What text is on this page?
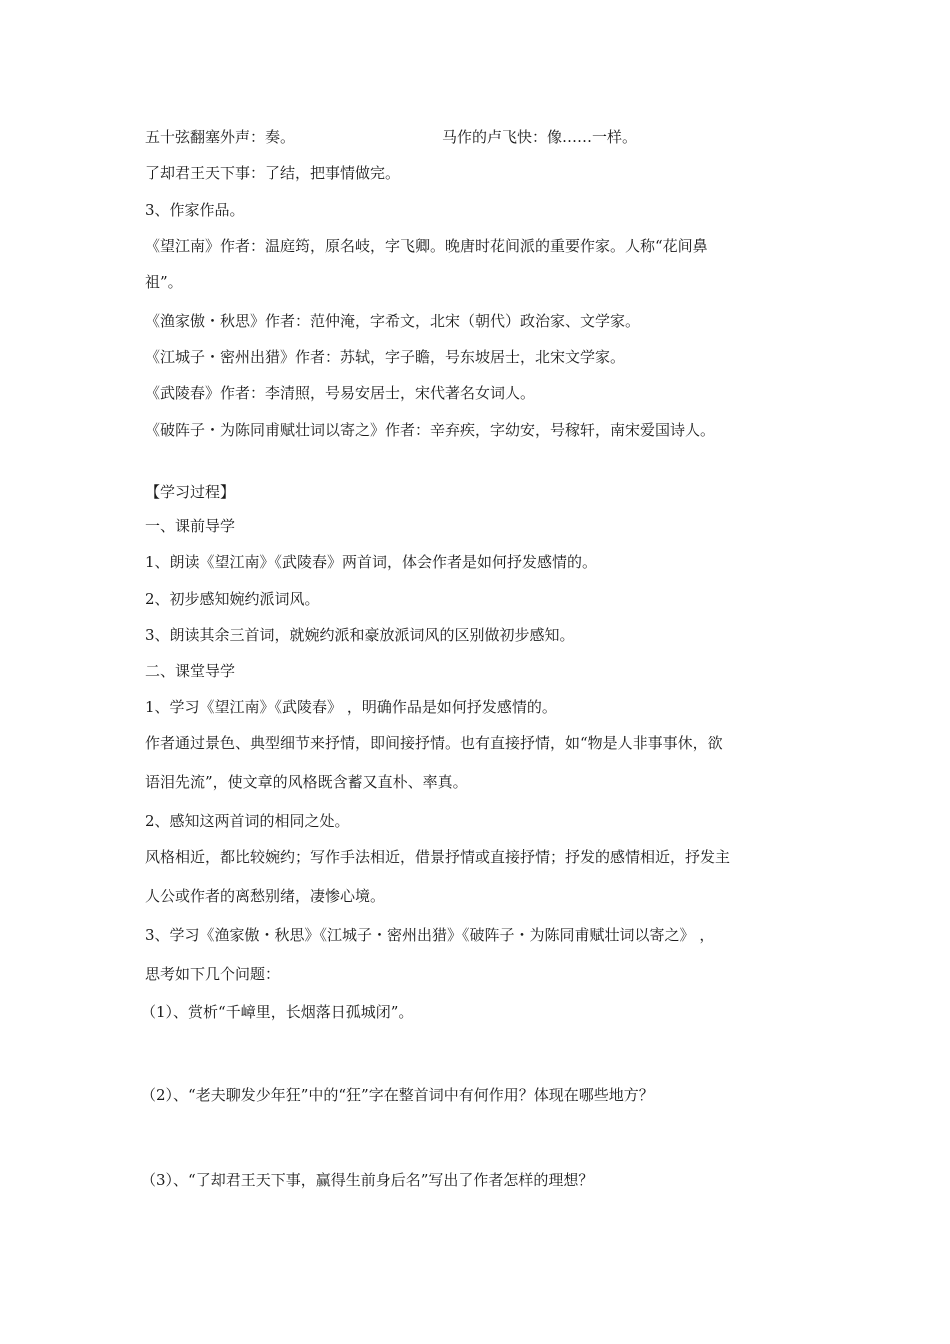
五十弦翻塞外声：奏。	马作的卢飞快：像……一样。
了却君王天下事：了结，把事情做完。
3、作家作品。
《望江南》作者：温庭筠，原名岐，字飞卿。晚唐时花间派的重要作家。人称“花间鼻
祖”。
《渔家傲・秋思》作者：范仲淹，字希文，北宋（朝代）政治家、文学家。
《江城子・密州出猎》作者：苏轼，字子瞻，号东坡居士，北宋文学家。
《武陵春》作者：李清照，号易安居士，宋代著名女词人。
《破阵子・为陈同甫赋壮词以寄之》作者：辛弃疾，字幼安，号稼轩，南宋爱国诗人。
【学习过程】
一、课前导学
1、朗读《望江南》《武陵春》两首词，体会作者是如何抒发感情的。
2、初步感知婉约派词风。
3、朗读其余三首词，就婉约派和豪放派词风的区别做初步感知。
二、课堂导学
1、学习《望江南》《武陵春》 ，明确作品是如何抒发感情的。
作者通过景色、典型细节来抒情，即间接抒情。也有直接抒情，如“物是人非事事休，欲
语泪先流”，使文章的风格既含蓄又直朴、率真。
2、感知这两首词的相同之处。
风格相近，都比较婉约；写作手法相近，借景抒情或直接抒情；抒发的感情相近，抒发主
人公或作者的离愁别绪，凄惨心境。
3、学习《渔家傲・秋思》《江城子・密州出猎》《破阵子・为陈同甫赋壮词以寄之》 ，
思考如下几个问题：
（1）、赏析“千嶂里，长烟落日孤城闭”。
（2）、“老夫聊发少年狂”中的“狂”字在整首词中有何作用？体现在哪些地方？
（3）、“了却君王天下事，赢得生前身后名”写出了作者怎样的理想？
